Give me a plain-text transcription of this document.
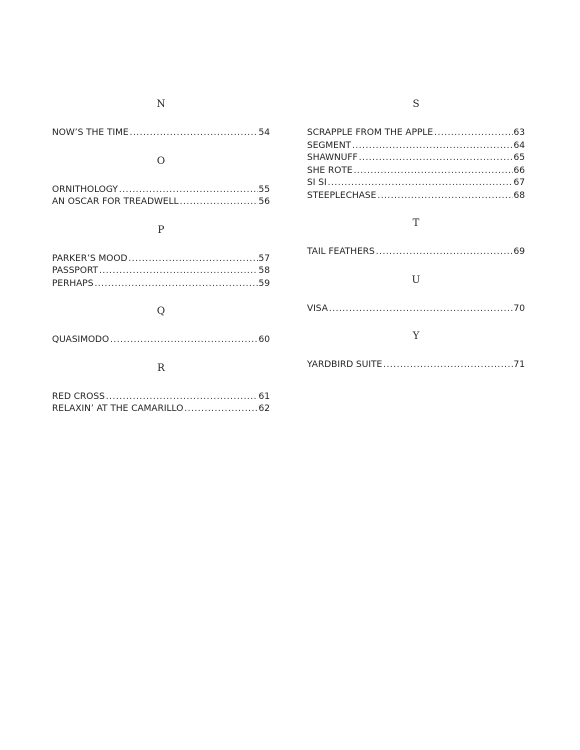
N
NOW’S THE TIME .....	54
O
ORNITHOLOGY .....	55
AN OSCAR FOR TREADWELL .....	56
P
PARKER’S MOOD .....	57
PASSPORT .....	58
PERHAPS .....	59
Q
QUASIMODO .....	60
R
RED CROSS .....	61
RELAXIN’ AT THE CAMARILLO .....	62
S
SCRAPPLE FROM THE APPLE .....	63
SEGMENT .....	64
SHAWNUFF .....	65
SHE ROTE .....	66
SI SI .....	67
STEEPLECHASE .....	68
T
TAIL FEATHERS .....	69
U
VISA .....	70
Y
YARDBIRD SUITE .....	71
